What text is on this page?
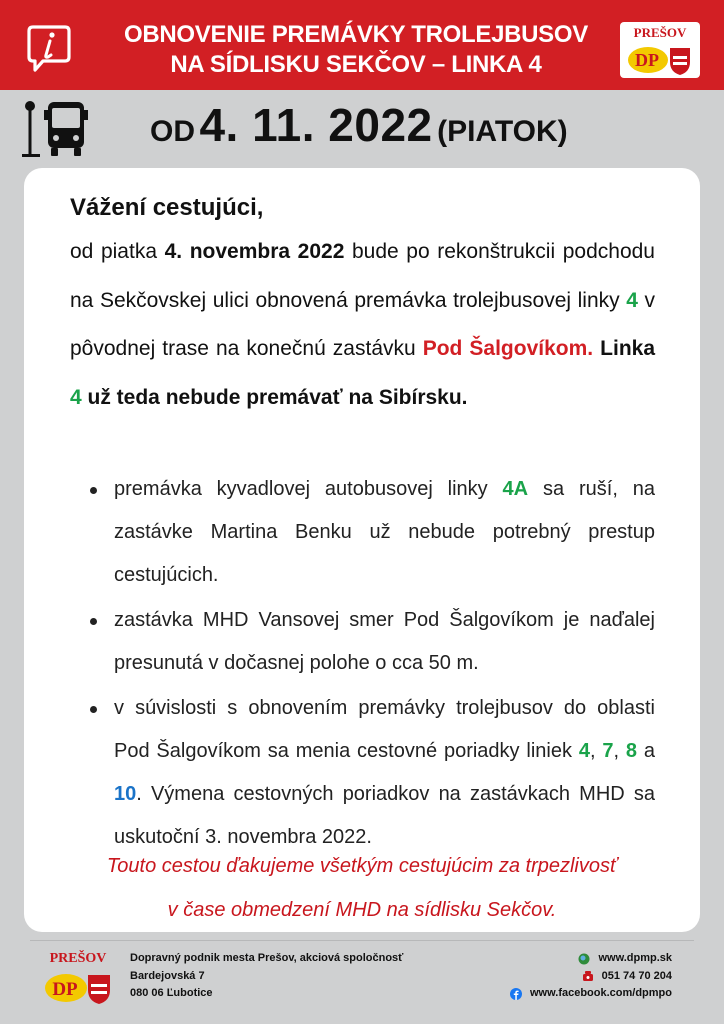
OBNOVENIE PREMÁVKY TROLEJBUSOV
NA SÍDLISKU SEKČOV – LINKA 4
PREŠOV
DP
OD 4. 11. 2022 (PIATOK)
Vážení cestujúci,
od piatka 4. novembra 2022 bude po rekonštrukcii podchodu na Sekčovskej ulici obnovená premávka trolejbusovej linky 4 v pôvodnej trase na konečnú zastávku Pod Šalgovíkom. Linka 4 už teda nebude premávať na Sibírsku.
premávka kyvadlovej autobusovej linky 4A sa ruší, na zastávke Martina Benku už nebude potrebný prestup cestujúcich.
zastávka MHD Vansovej smer Pod Šalgovíkom je naďalej presunutá v dočasnej polohe o cca 50 m.
v súvislosti s obnovením premávky trolejbusov do oblasti Pod Šalgovíkom sa menia cestovné poriadky liniek 4, 7, 8 a 10. Výmena cestovných poriadkov na zastávkach MHD sa uskutoční 3. novembra 2022.
Touto cestou ďakujeme všetkým cestujúcim za trpezlivosť
v čase obmedzení MHD na sídlisku Sekčov.
PREŠOV
DP
Dopravný podnik mesta Prešov, akciová spoločnosť
Bardejovská 7
080 06 Ľubotice
www.dpmp.sk
051 74 70 204
www.facebook.com/dpmpo
